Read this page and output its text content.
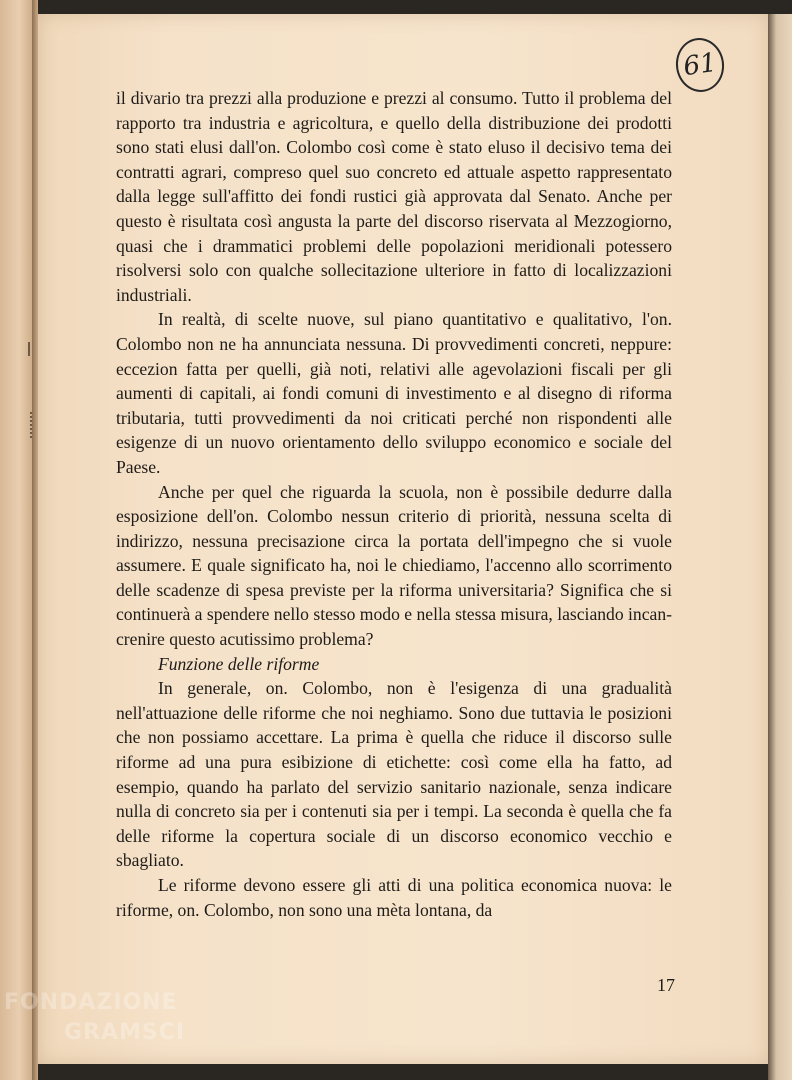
61

il divario tra prezzi alla produzione e prezzi al consumo. Tutto il problema del rapporto tra industria e agricoltura, e quello della distribuzione dei prodotti sono stati elusi dall'on. Colombo così come è stato eluso il decisivo tema dei contratti agrari, compreso quel suo concreto ed attuale aspetto rappresentato dalla legge sull'affitto dei fondi rustici già approvata dal Senato. Anche per questo è risultata così angusta la parte del discorso riservata al Mezzogiorno, quasi che i drammatici problemi delle popolazioni meridionali potessero risolversi solo con qualche sollecitazione ulteriore in fatto di localizzazioni industriali.

In realtà, di scelte nuove, sul piano quantitativo e qualitativo, l'on. Colombo non ne ha annunciata nessuna. Di provvedimenti concreti, neppure: eccezion fatta per quelli, già noti, relativi alle agevolazioni fiscali per gli aumenti di capitali, ai fondi comuni di investimento e al disegno di riforma tributaria, tutti provvedimenti da noi criticati perché non rispondenti alle esigenze di un nuovo orientamento dello sviluppo economico e sociale del Paese.

Anche per quel che riguarda la scuola, non è possibile dedurre dalla esposizione dell'on. Colombo nessun criterio di priorità, nessuna scelta di indirizzo, nessuna precisazione circa la portata dell'impegno che si vuole assumere. E quale significato ha, noi le chiediamo, l'accenno allo scorrimento delle scadenze di spesa previste per la riforma universitaria? Significa che si continuerà a spendere nello stesso modo e nella stessa misura, lasciando incancrenire questo acutissimo problema?

Funzione delle riforme

In generale, on. Colombo, non è l'esigenza di una gradualità nell'attuazione delle riforme che noi neghiamo. Sono due tuttavia le posizioni che non possiamo accettare. La prima è quella che riduce il discorso sulle riforme ad una pura esibizione di etichette: così come ella ha fatto, ad esempio, quando ha parlato del servizio sanitario nazionale, senza indicare nulla di concreto sia per i contenuti sia per i tempi. La seconda è quella che fa delle riforme la copertura sociale di un discorso economico vecchio e sbagliato.

Le riforme devono essere gli atti di una politica economica nuova: le riforme, on. Colombo, non sono una mèta lontana, da

17
FONDAZIONE
GRAMSCI
